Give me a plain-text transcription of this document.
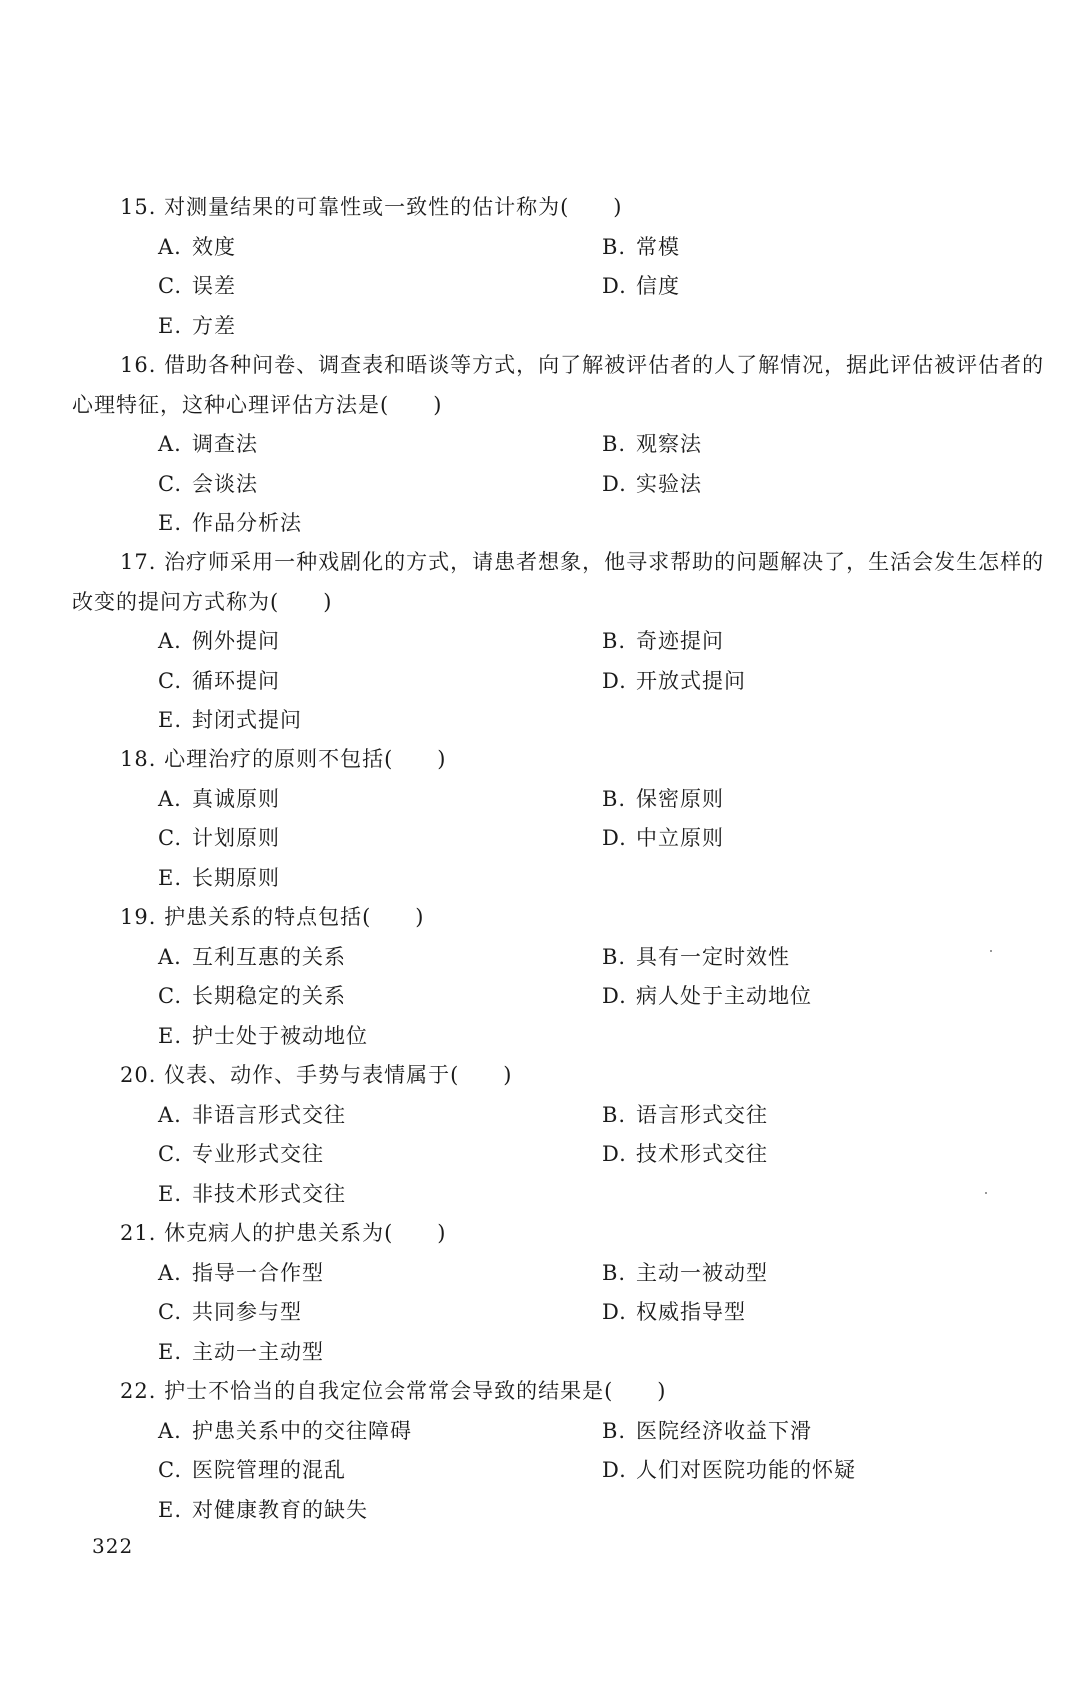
15. 对测量结果的可靠性或一致性的估计称为(　　)

A. 效度	B. 常模
C. 误差	D. 信度
E. 方差

16. 借助各种问卷、调查表和晤谈等方式，向了解被评估者的人了解情况，据此评估被评估者的心理特征，这种心理评估方法是(　　)

A. 调查法	B. 观察法
C. 会谈法	D. 实验法
E. 作品分析法

17. 治疗师采用一种戏剧化的方式，请患者想象，他寻求帮助的问题解决了，生活会发生怎样的改变的提问方式称为(　　)

A. 例外提问	B. 奇迹提问
C. 循环提问	D. 开放式提问
E. 封闭式提问

18. 心理治疗的原则不包括(　　)

A. 真诚原则	B. 保密原则
C. 计划原则	D. 中立原则
E. 长期原则

19. 护患关系的特点包括(　　)

A. 互利互惠的关系	B. 具有一定时效性
C. 长期稳定的关系	D. 病人处于主动地位
E. 护士处于被动地位

20. 仪表、动作、手势与表情属于(　　)

A. 非语言形式交往	B. 语言形式交往
C. 专业形式交往	D. 技术形式交往
E. 非技术形式交往

21. 休克病人的护患关系为(　　)

A. 指导一合作型	B. 主动一被动型
C. 共同参与型	D. 权威指导型
E. 主动一主动型

22. 护士不恰当的自我定位会常常会导致的结果是(　　)

A. 护患关系中的交往障碍	B. 医院经济收益下滑
C. 医院管理的混乱	D. 人们对医院功能的怀疑
E. 对健康教育的缺失
322
